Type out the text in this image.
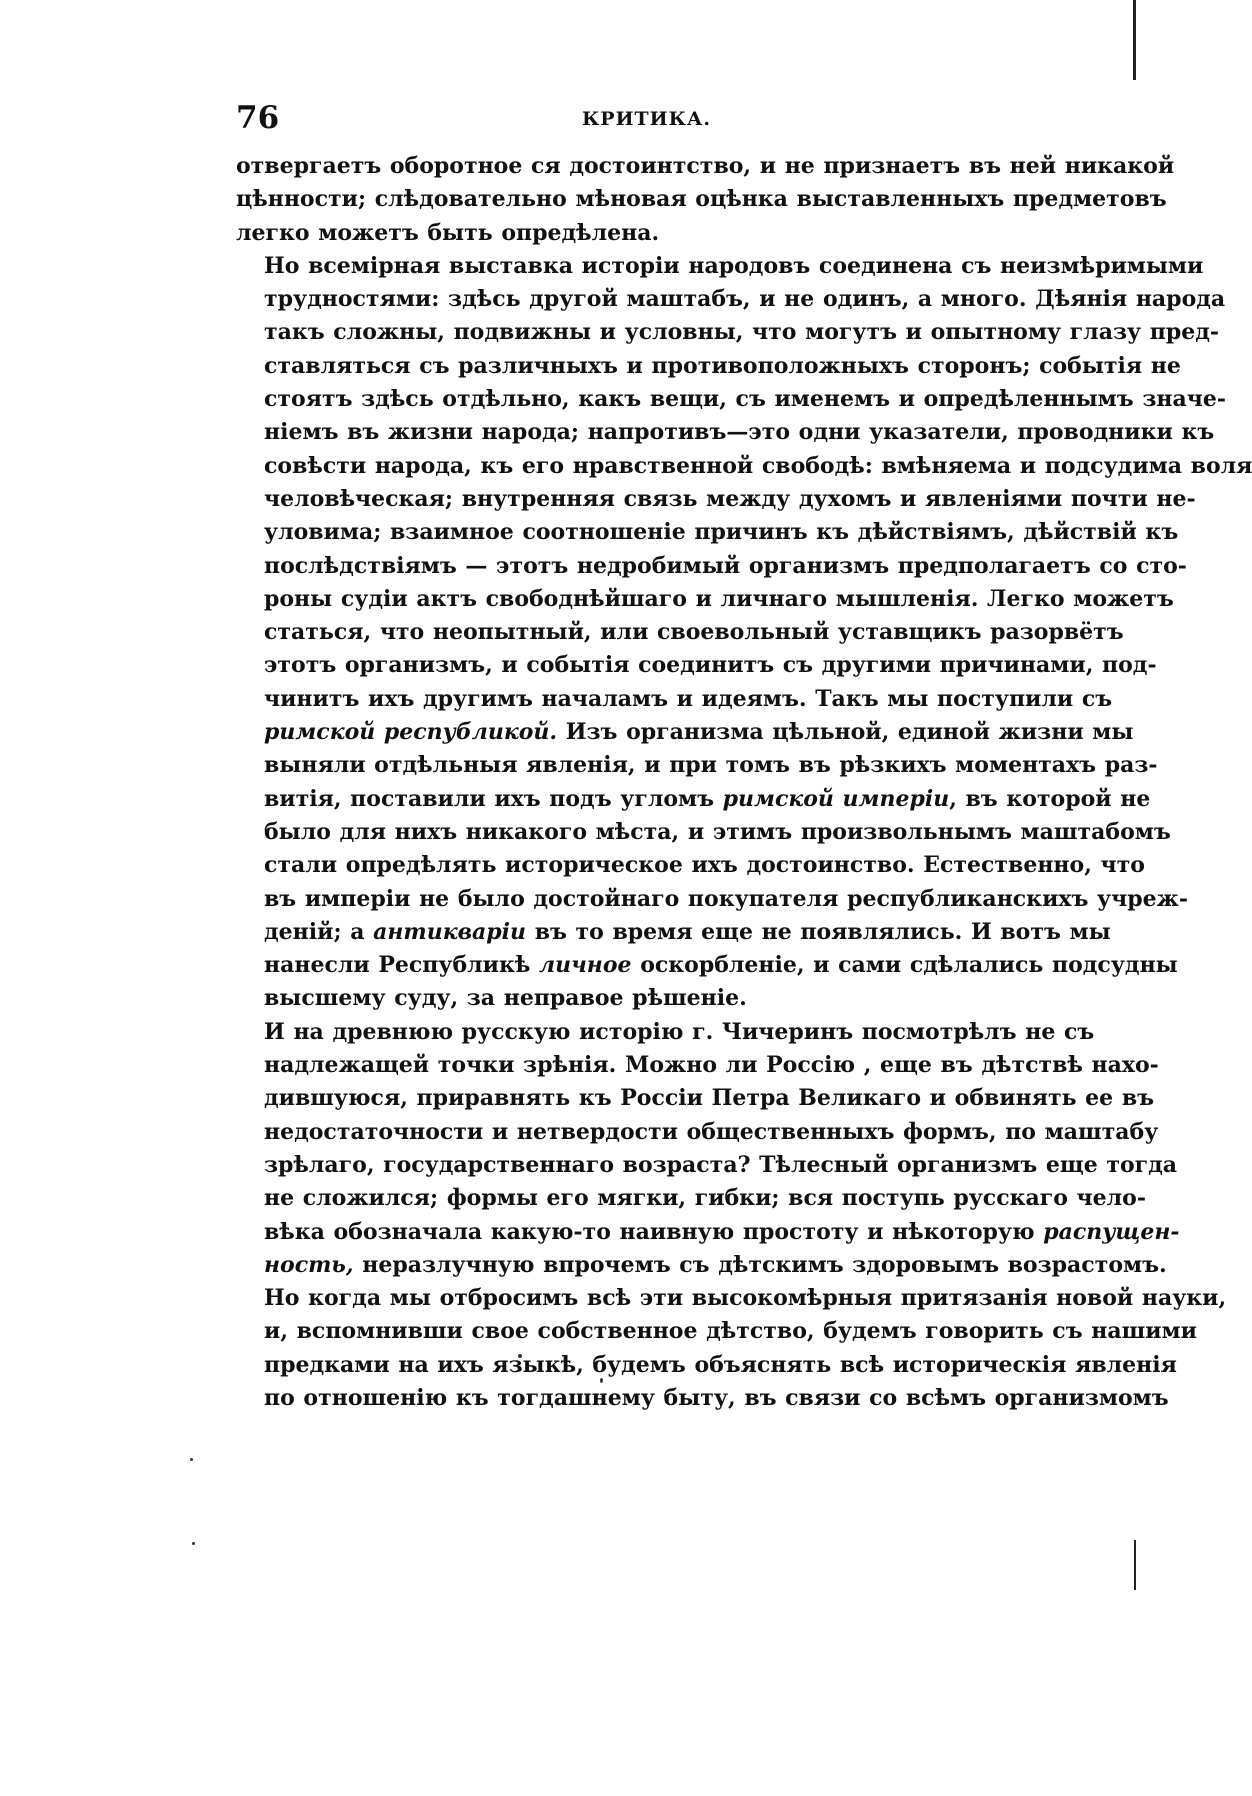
76	КРИТИКА.

отвергаетъ оборотное ся достоинтство, и не признаетъ въ ней никакой
цѣнности; слѣдовательно мѣновая оцѣнка выставленныхъ предметовъ
легко можетъ быть опредѣлена.

Но всемірная выставка исторіи народовъ соединена съ неизмѣримыми
трудностями: здѣсь другой маштабъ, и не одинъ, а много. Дѣянія народа
такъ сложны, подвижны и условны, что могутъ и опытному глазу пред-
ставляться съ различныхъ и противоположныхъ сторонъ; событія не
стоятъ здѣсь отдѣльно, какъ вещи, съ именемъ и опредѣленнымъ значе-
ніемъ въ жизни народа; напротивъ—это одни указатели, проводники къ
совѣсти народа, къ его нравственной свободѣ: вмѣняема и подсудима воля
человѣческая; внутренняя связь между духомъ и явленіями почти не-
уловима; взаимное соотношеніе причинъ къ дѣйствіямъ, дѣйствій къ
послѣдствіямъ — этотъ недробимый организмъ предполагаетъ со сто-
роны судіи актъ свободнѣйшаго и личнаго мышленія. Легко можетъ
статься, что неопытный, или своевольный уставщикъ разорвётъ
этотъ организмъ, и событія соединитъ съ другими причинами, под-
чинитъ ихъ другимъ началамъ и идеямъ. Такъ мы поступили съ
римской республикой. Изъ организма цѣльной, единой жизни мы
выняли отдѣльныя явленія, и при томъ въ рѣзкихъ моментахъ раз-
витія, поставили ихъ подъ угломъ римской имперіи, въ которой не
было для нихъ никакого мѣста, и этимъ произвольнымъ маштабомъ
стали опредѣлять историческое ихъ достоинство. Естественно, что
въ имперіи не было достойнаго покупателя республиканскихъ учреж-
деній; а антикваріи въ то время еще не появлялись. И вотъ мы
нанесли Республикѣ личное оскорбленіе, и сами сдѣлались подсудны
высшему суду, за неправое рѣшеніе.

И на древнюю русскую исторію г. Чичеринъ посмотрѣлъ не съ
надлежащей точки зрѣнія. Можно ли Россію , еще въ дѣтствѣ нахо-
дившуюся, приравнять къ Россіи Петра Великаго и обвинять ее въ
недостаточности и нетвердости общественныхъ формъ, по маштабу
зрѣлаго, государственнаго возраста? Тѣлесный организмъ еще тогда
не сложился; формы его мягки, гибки; вся поступь русскаго чело-
вѣка обозначала какую-то наивную простоту и нѣкоторую распущен-
ность, неразлучную впрочемъ съ дѣтскимъ здоровымъ возрастомъ.
Но когда мы отбросимъ всѣ эти высокомѣрныя притязанія новой науки,
и, вспомнивши свое собственное дѣтство, будемъ говорить съ нашими
предками на ихъ языкѣ, будемъ объяснять всѣ историческія явленія
по отношенію къ тогдашнему быту, въ связи со всѣмъ организмомъ
